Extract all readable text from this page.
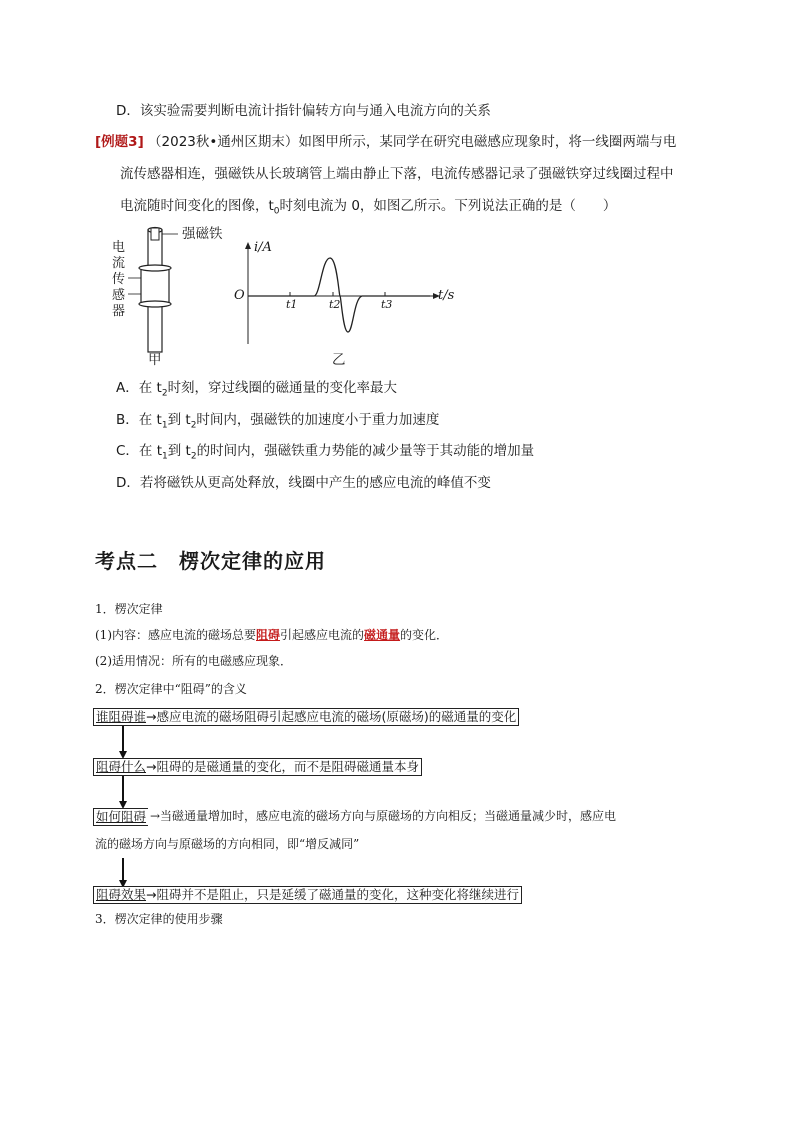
D．该实验需要判断电流计指针偏转方向与通入电流方向的关系
[例题3] （2023秋•通州区期末）如图甲所示，某同学在研究电磁感应现象时，将一线圈两端与电
流传感器相连，强磁铁从长玻璃管上端由静止下落，电流传感器记录了强磁铁穿过线圈过程中
电流随时间变化的图像，$t_0$时刻电流为 0，如图乙所示。下列说法正确的是（　　）
强磁铁
电
流
传
感
器
甲
i/A
t/s
O
t1	t2	t3
乙
A．在 $t_2$时刻，穿过线圈的磁通量的变化率最大
B．在 $t_1$到 $t_2$时间内，强磁铁的加速度小于重力加速度
C．在 $t_1$到 $t_2$的时间内，强磁铁重力势能的减少量等于其动能的增加量
D．若将磁铁从更高处释放，线圈中产生的感应电流的峰值不变
考点二　楞次定律的应用
1．楞次定律
(1)内容：感应电流的磁场总要阻碍引起感应电流的磁通量的变化．
(2)适用情况：所有的电磁感应现象．
2．楞次定律中“阻碍”的含义
谁阻碍谁→感应电流的磁场阻碍引起感应电流的磁场(原磁场)的磁通量的变化
阻碍什么→阻碍的是磁通量的变化，而不是阻碍磁通量本身
如何阻碍 →当磁通量增加时，感应电流的磁场方向与原磁场的方向相反；当磁通量减少时，感应电
流的磁场方向与原磁场的方向相同，即“增反减同”
阻碍效果→阻碍并不是阻止，只是延缓了磁通量的变化，这种变化将继续进行
3．楞次定律的使用步骤
